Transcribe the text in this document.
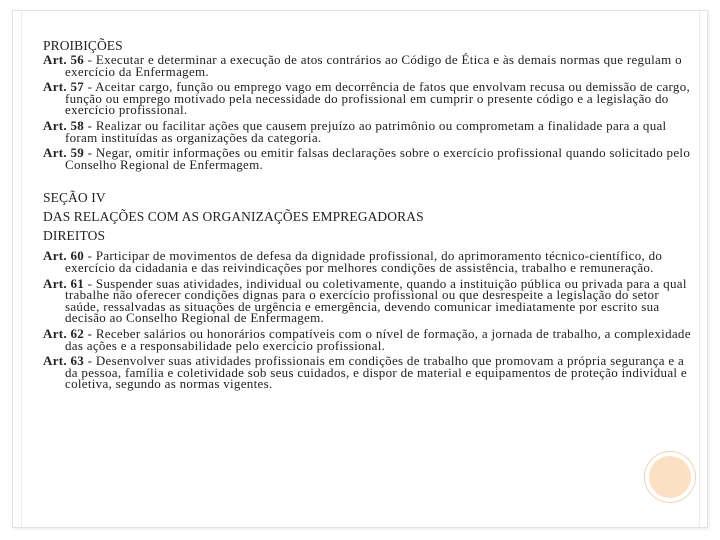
PROIBIÇÕES

Art. 56 - Executar e determinar a execução de atos contrários ao Código de Ética e às demais normas que regulam o exercício da Enfermagem.

Art. 57 - Aceitar cargo, função ou emprego vago em decorrência de fatos que envolvam recusa ou demissão de cargo, função ou emprego motivado pela necessidade do profissional em cumprir o presente código e a legislação do exercício profissional.

Art. 58 - Realizar ou facilitar ações que causem prejuízo ao patrimônio ou comprometam a finalidade para a qual foram instituídas as organizações da categoria.

Art. 59 - Negar, omitir informações ou emitir falsas declarações sobre o exercício profissional quando solicitado pelo Conselho Regional de Enfermagem.

SEÇÃO IV

DAS RELAÇÕES COM AS ORGANIZAÇÕES EMPREGADORAS

DIREITOS

Art. 60 - Participar de movimentos de defesa da dignidade profissional, do aprimoramento técnico-científico, do exercício da cidadania e das reivindicações por melhores condições de assistência, trabalho e remuneração.

Art. 61 - Suspender suas atividades, individual ou coletivamente, quando a instituição pública ou privada para a qual trabalhe não oferecer condições dignas para o exercício profissional ou que desrespeite a legislação do setor saúde, ressalvadas as situações de urgência e emergência, devendo comunicar imediatamente por escrito sua decisão ao Conselho Regional de Enfermagem.

Art. 62 - Receber salários ou honorários compatíveis com o nível de formação, a jornada de trabalho, a complexidade das ações e a responsabilidade pelo exercício profissional.

Art. 63 - Desenvolver suas atividades profissionais em condições de trabalho que promovam a própria segurança e a da pessoa, família e coletividade sob seus cuidados, e dispor de material e equipamentos de proteção individual e coletiva, segundo as normas vigentes.
